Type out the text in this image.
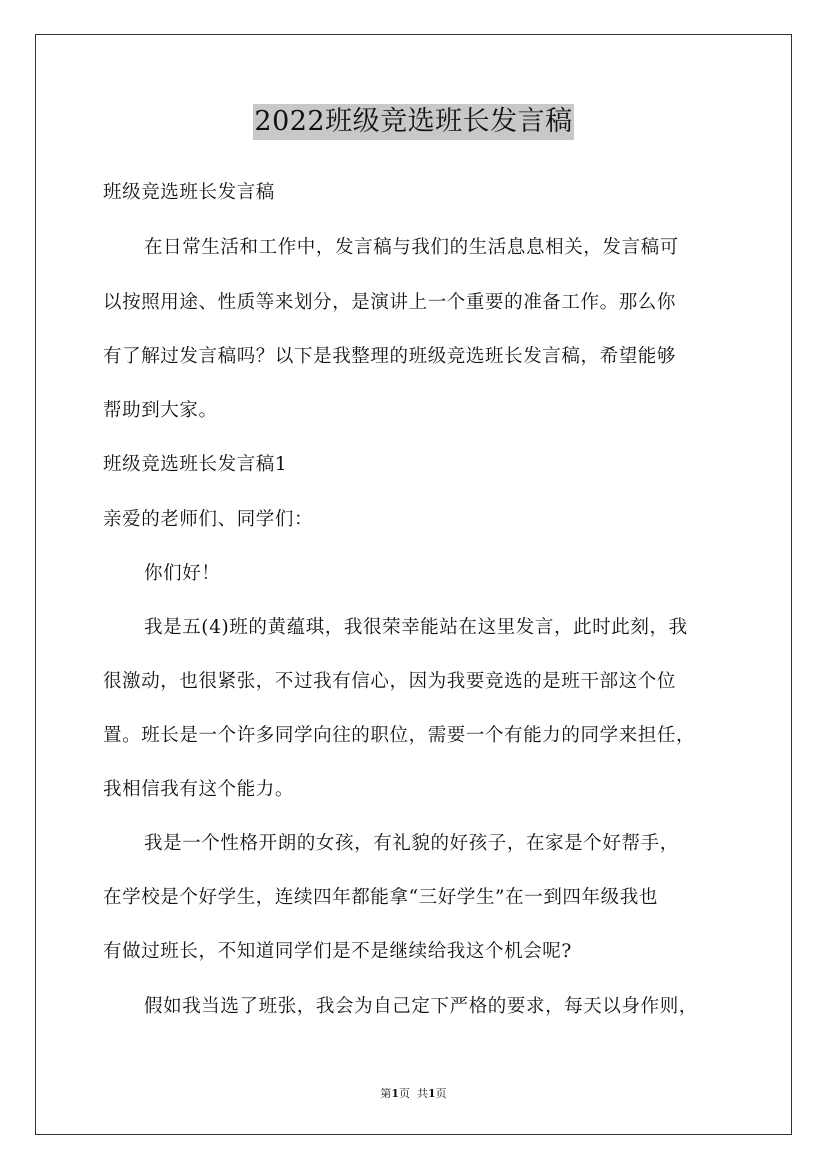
2022班级竞选班长发言稿
班级竞选班长发言稿
在日常生活和工作中，发言稿与我们的生活息息相关，发言稿可
以按照用途、性质等来划分，是演讲上一个重要的准备工作。那么你
有了解过发言稿吗？以下是我整理的班级竞选班长发言稿，希望能够
帮助到大家。
班级竞选班长发言稿1
亲爱的老师们、同学们：
你们好！
我是五(4)班的黄蕴琪，我很荣幸能站在这里发言，此时此刻，我
很激动，也很紧张，不过我有信心，因为我要竞选的是班干部这个位
置。班长是一个许多同学向往的职位，需要一个有能力的同学来担任，
我相信我有这个能力。
我是一个性格开朗的女孩，有礼貌的好孩子，在家是个好帮手，
在学校是个好学生，连续四年都能拿“三好学生”在一到四年级我也
有做过班长，不知道同学们是不是继续给我这个机会呢?
假如我当选了班张，我会为自己定下严格的要求，每天以身作则，
第1页  共1页
